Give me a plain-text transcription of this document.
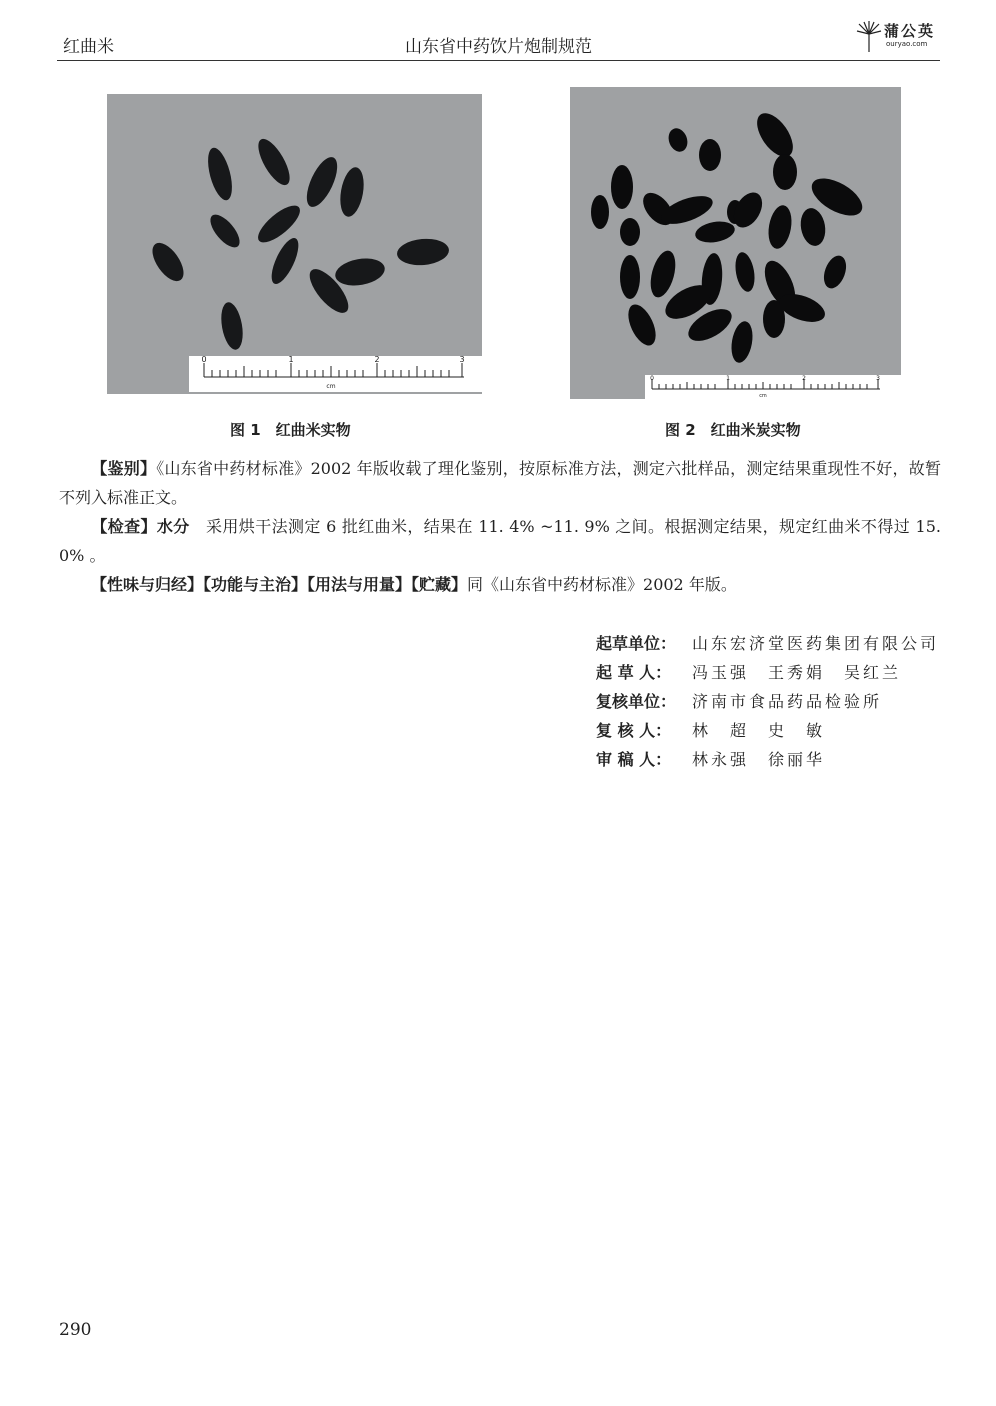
红曲米	山东省中药饮片炮制规范
蒲公英
ouryao.com
0	1	2	3
cm
0	1	2	3
cm
图 1　红曲米实物	图 2　红曲米炭实物
【鉴别】《山东省中药材标准》2002 年版收载了理化鉴别，按原标准方法，测定六批样品，测定结果重现性不好，故暂不列入标准正文。
【检查】水分　采用烘干法测定 6 批红曲米，结果在 11. 4% ~11. 9% 之间。根据测定结果，规定红曲米不得过 15. 0% 。
【性味与归经】【功能与主治】【用法与用量】【贮藏】同《山东省中药材标准》2002 年版。
起草单位： 山东宏济堂医药集团有限公司
起 草 人：	冯玉强　王秀娟　吴红兰
复核单位： 济南市食品药品检验所
复 核 人：	林　超　史　敏
审 稿 人：	林永强　徐丽华
290
